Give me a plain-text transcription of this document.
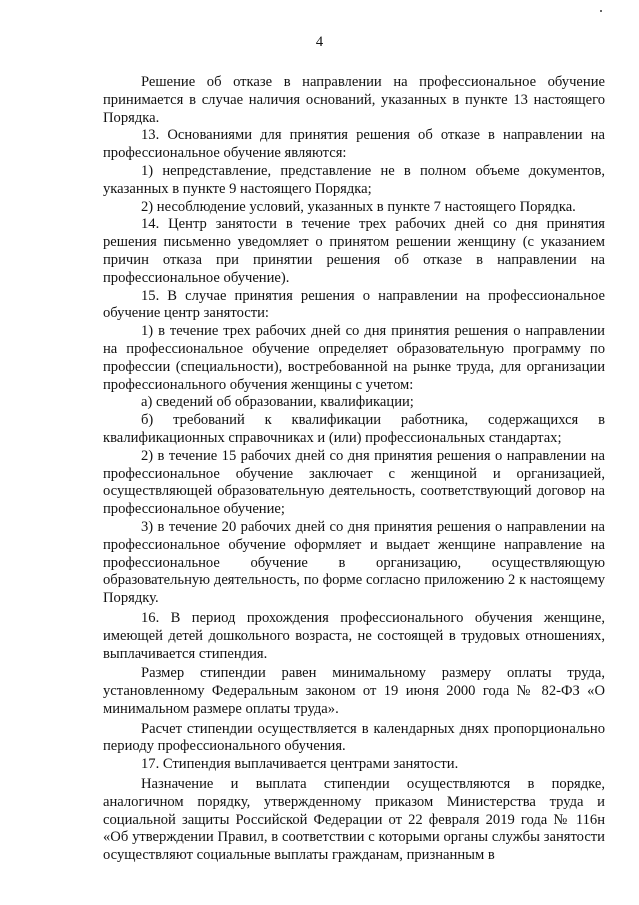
4

Решение об отказе в направлении на профессиональное обучение принимается в случае наличия оснований, указанных в пункте 13 настоящего Порядка.

13. Основаниями для принятия решения об отказе в направлении на профессиональное обучение являются:

1) непредставление, представление не в полном объеме документов, указанных в пункте 9 настоящего Порядка;

2) несоблюдение условий, указанных в пункте 7 настоящего Порядка.

14. Центр занятости в течение трех рабочих дней со дня принятия решения письменно уведомляет о принятом решении женщину (с указанием причин отказа при принятии решения об отказе в направлении на профессиональное обучение).

15. В случае принятия решения о направлении на профессиональное обучение центр занятости:

1) в течение трех рабочих дней со дня принятия решения о направлении на профессиональное обучение определяет образовательную программу по профессии (специальности), востребованной на рынке труда, для организации профессионального обучения женщины с учетом:

а) сведений об образовании, квалификации;

б) требований к квалификации работника, содержащихся в квалификационных справочниках и (или) профессиональных стандартах;

2) в течение 15 рабочих дней со дня принятия решения о направлении на профессиональное обучение заключает с женщиной и организацией, осуществляющей образовательную деятельность, соответствующий договор на профессиональное обучение;

3) в течение 20 рабочих дней со дня принятия решения о направлении на профессиональное обучение оформляет и выдает женщине направление на профессиональное обучение в организацию, осуществляющую образовательную деятельность, по форме согласно приложению 2 к настоящему Порядку.

16. В период прохождения профессионального обучения женщине, имеющей детей дошкольного возраста, не состоящей в трудовых отношениях, выплачивается стипендия.

Размер стипендии равен минимальному размеру оплаты труда, установленному Федеральным законом от 19 июня 2000 года № 82-ФЗ «О минимальном размере оплаты труда».

Расчет стипендии осуществляется в календарных днях пропорционально периоду профессионального обучения.

17. Стипендия выплачивается центрами занятости.

Назначение и выплата стипендии осуществляются в порядке, аналогичном порядку, утвержденному приказом Министерства труда и социальной защиты Российской Федерации от 22 февраля 2019 года № 116н «Об утверждении Правил, в соответствии с которыми органы службы занятости осуществляют социальные выплаты гражданам, признанным в
